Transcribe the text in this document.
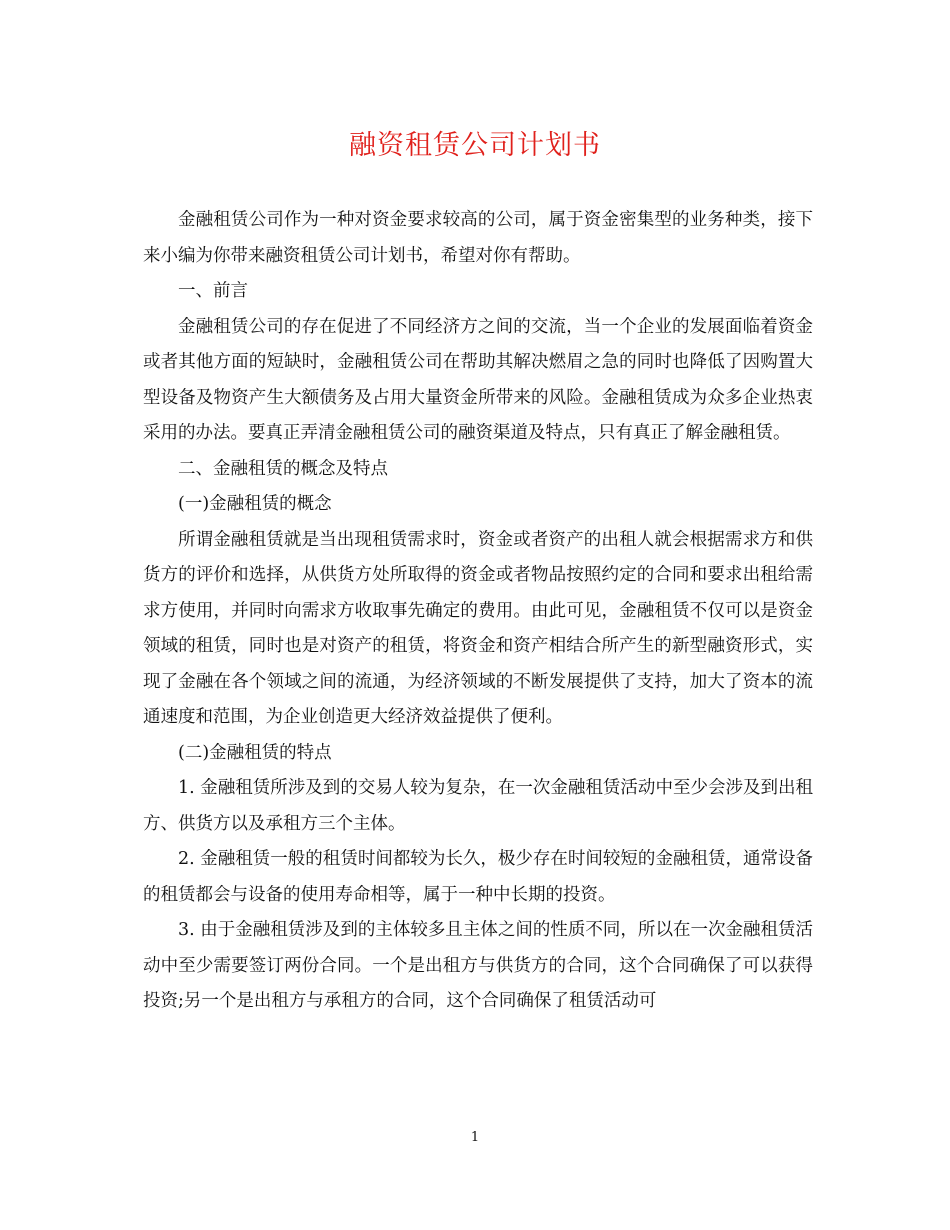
融资租赁公司计划书

金融租赁公司作为一种对资金要求较高的公司，属于资金密集型的业务种类，接下来小编为你带来融资租赁公司计划书，希望对你有帮助。

一、前言

金融租赁公司的存在促进了不同经济方之间的交流，当一个企业的发展面临着资金或者其他方面的短缺时，金融租赁公司在帮助其解决燃眉之急的同时也降低了因购置大型设备及物资产生大额债务及占用大量资金所带来的风险。金融租赁成为众多企业热衷采用的办法。要真正弄清金融租赁公司的融资渠道及特点，只有真正了解金融租赁。

二、金融租赁的概念及特点

(一)金融租赁的概念

所谓金融租赁就是当出现租赁需求时，资金或者资产的出租人就会根据需求方和供货方的评价和选择，从供货方处所取得的资金或者物品按照约定的合同和要求出租给需求方使用，并同时向需求方收取事先确定的费用。由此可见，金融租赁不仅可以是资金领域的租赁，同时也是对资产的租赁，将资金和资产相结合所产生的新型融资形式，实现了金融在各个领域之间的流通，为经济领域的不断发展提供了支持，加大了资本的流通速度和范围，为企业创造更大经济效益提供了便利。

(二)金融租赁的特点

1. 金融租赁所涉及到的交易人较为复杂，在一次金融租赁活动中至少会涉及到出租方、供货方以及承租方三个主体。

2. 金融租赁一般的租赁时间都较为长久，极少存在时间较短的金融租赁，通常设备的租赁都会与设备的使用寿命相等，属于一种中长期的投资。

3. 由于金融租赁涉及到的主体较多且主体之间的性质不同，所以在一次金融租赁活动中至少需要签订两份合同。一个是出租方与供货方的合同，这个合同确保了可以获得投资;另一个是出租方与承租方的合同，这个合同确保了租赁活动可

1
